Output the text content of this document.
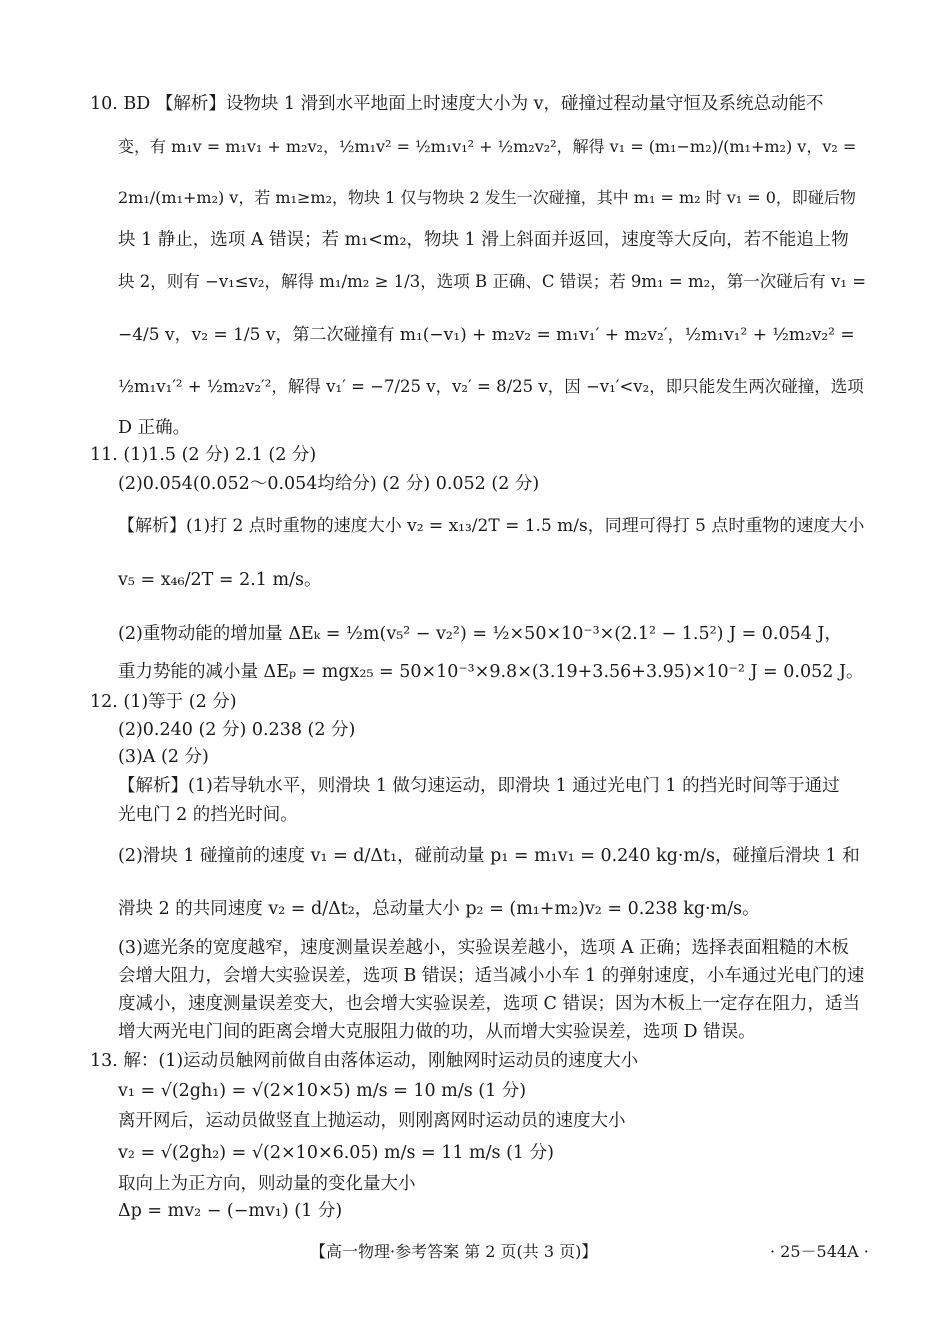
10. BD 【解析】设物块 1 滑到水平地面上时速度大小为 v，碰撞过程动量守恒及系统总动能不
变，有 m₁v = m₁v₁ + m₂v₂，½m₁v² = ½m₁v₁² + ½m₂v₂²，解得 v₁ = (m₁−m₂)/(m₁+m₂) v，v₂ =
2m₁/(m₁+m₂) v，若 m₁≥m₂，物块 1 仅与物块 2 发生一次碰撞，其中 m₁ = m₂ 时 v₁ = 0，即碰后物
块 1 静止，选项 A 错误；若 m₁<m₂，物块 1 滑上斜面并返回，速度等大反向，若不能追上物
块 2，则有 −v₁≤v₂，解得 m₁/m₂ ≥ 1/3，选项 B 正确、C 错误；若 9m₁ = m₂，第一次碰后有 v₁ =
−4/5 v，v₂ = 1/5 v，第二次碰撞有 m₁(−v₁) + m₂v₂ = m₁v₁′ + m₂v₂′，½m₁v₁² + ½m₂v₂² =
½m₁v₁′² + ½m₂v₂′²，解得 v₁′ = −7/25 v，v₂′ = 8/25 v，因 −v₁′<v₂，即只能发生两次碰撞，选项
D 正确。
11. (1)1.5 (2 分) 2.1 (2 分)
(2)0.054(0.052～0.054均给分) (2 分) 0.052 (2 分)
【解析】(1)打 2 点时重物的速度大小 v₂ = x₁₃/2T = 1.5 m/s，同理可得打 5 点时重物的速度大小
v₅ = x₄₆/2T = 2.1 m/s。
(2)重物动能的增加量 ΔEₖ = ½m(v₅² − v₂²) = ½×50×10⁻³×(2.1² − 1.5²) J = 0.054 J，
重力势能的减小量 ΔEₚ = mgx₂₅ = 50×10⁻³×9.8×(3.19+3.56+3.95)×10⁻² J = 0.052 J。
12. (1)等于 (2 分)
(2)0.240 (2 分) 0.238 (2 分)
(3)A (2 分)
【解析】(1)若导轨水平，则滑块 1 做匀速运动，即滑块 1 通过光电门 1 的挡光时间等于通过
光电门 2 的挡光时间。
(2)滑块 1 碰撞前的速度 v₁ = d/Δt₁，碰前动量 p₁ = m₁v₁ = 0.240 kg·m/s，碰撞后滑块 1 和
滑块 2 的共同速度 v₂ = d/Δt₂，总动量大小 p₂ = (m₁+m₂)v₂ = 0.238 kg·m/s。
(3)遮光条的宽度越窄，速度测量误差越小，实验误差越小，选项 A 正确；选择表面粗糙的木板
会增大阻力，会增大实验误差，选项 B 错误；适当减小小车 1 的弹射速度，小车通过光电门的速
度减小，速度测量误差变大，也会增大实验误差，选项 C 错误；因为木板上一定存在阻力，适当
增大两光电门间的距离会增大克服阻力做的功，从而增大实验误差，选项 D 错误。
13. 解：(1)运动员触网前做自由落体运动，刚触网时运动员的速度大小
v₁ = √(2gh₁) = √(2×10×5) m/s = 10 m/s (1 分)
离开网后，运动员做竖直上抛运动，则刚离网时运动员的速度大小
v₂ = √(2gh₂) = √(2×10×6.05) m/s = 11 m/s (1 分)
取向上为正方向，则动量的变化量大小
Δp = mv₂ − (−mv₁) (1 分)
【高一物理·参考答案 第 2 页(共 3 页)】	· 25－544A ·
